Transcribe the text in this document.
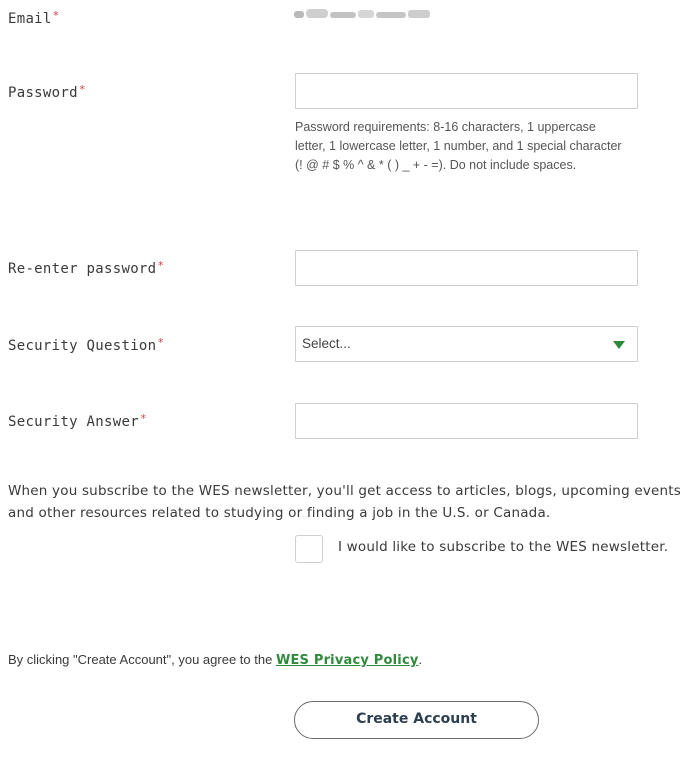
Email*
Password*
Password requirements: 8-16 characters, 1 uppercase letter, 1 lowercase letter, 1 number, and 1 special character (! @ # $ % ^ & * ( ) _ + - =). Do not include spaces.
Re-enter password*
Security Question*	Select...
Security Answer*
When you subscribe to the WES newsletter, you'll get access to articles, blogs, upcoming events and other resources related to studying or finding a job in the U.S. or Canada.
I would like to subscribe to the WES newsletter.
By clicking "Create Account", you agree to the WES Privacy Policy.
Create Account
